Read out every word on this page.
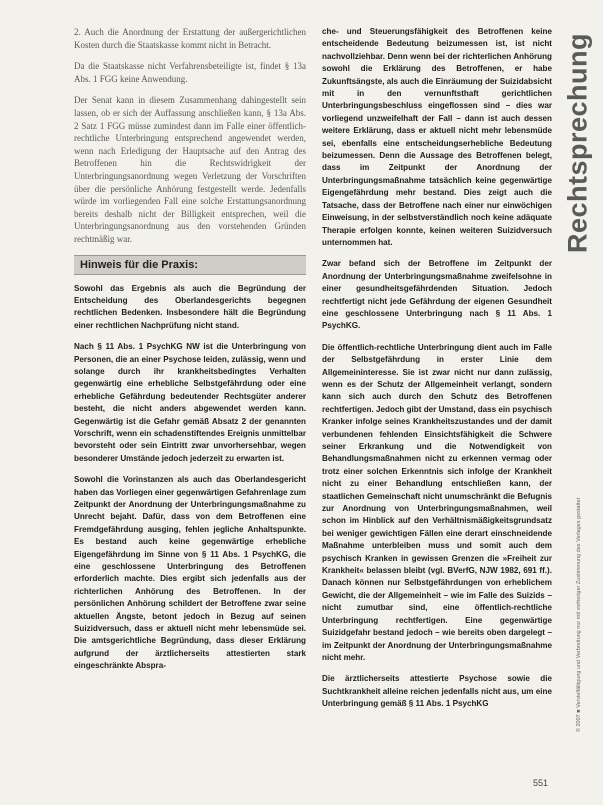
2. Auch die Anordnung der Erstattung der außergerichtlichen Kosten durch die Staatskasse kommt nicht in Betracht.

Da die Staatskasse nicht Verfahrensbeteiligte ist, findet § 13a Abs. 1 FGG keine Anwendung.

Der Senat kann in diesem Zusammenhang dahingestellt sein lassen, ob er sich der Auffassung anschließen kann, § 13a Abs. 2 Satz 1 FGG müsse zumindest dann im Falle einer öffentlich-rechtliche Unterbringung entsprechend angewendet werden, wenn nach Erledigung der Hauptsache auf den Antrag des Betroffenen hin die Rechtswidrigkeit der Unterbringungsanordnung wegen Verletzung der Vorschriften über die persönliche Anhörung festgestellt werde. Jedenfalls würde im vorliegenden Fall eine solche Erstattungsanordnung bereits deshalb nicht der Billigkeit entsprechen, weil die Unterbringungsanordnung aus den vorstehenden Gründen rechtmäßig war.

Hinweis für die Praxis:

Sowohl das Ergebnis als auch die Begründung der Entscheidung des Oberlandesgerichts begegnen rechtlichen Bedenken. Insbesondere hält die Begründung einer rechtlichen Nachprüfung nicht stand.

Nach § 11 Abs. 1 PsychKG NW ist die Unterbringung von Personen, die an einer Psychose leiden, zulässig, wenn und solange durch ihr krankheitsbedingtes Verhalten gegenwärtig eine erhebliche Selbstgefährdung oder eine erhebliche Gefährdung bedeutender Rechtsgüter anderer besteht, die nicht anders abgewendet werden kann. Gegenwärtig ist die Gefahr gemäß Absatz 2 der genannten Vorschrift, wenn ein schadenstiftendes Ereignis unmittelbar bevorsteht oder sein Eintritt zwar unvorhersehbar, wegen besonderer Umstände jedoch jederzeit zu erwarten ist.

Sowohl die Vorinstanzen als auch das Oberlandesgericht haben das Vorliegen einer gegenwärtigen Gefahrenlage zum Zeitpunkt der Anordnung der Unterbringungsmaßnahme zu Unrecht bejaht. Dafür, dass von dem Betroffenen eine Fremdgefährdung ausging, fehlen jegliche Anhaltspunkte. Es bestand auch keine gegenwärtige erhebliche Eigengefährdung im Sinne von § 11 Abs. 1 PsychKG, die eine geschlossene Unterbringung des Betroffenen erforderlich machte. Dies ergibt sich jedenfalls aus der richterlichen Anhörung des Betroffenen. In der persönlichen Anhörung schildert der Betroffene zwar seine aktuellen Ängste, betont jedoch in Bezug auf seinen Suizidversuch, dass er aktuell nicht mehr lebensmüde sei. Die amtsgerichtliche Begründung, dass dieser Erklärung aufgrund der ärztlicherseits attestierten stark eingeschränkte Abspra-

che- und Steuerungsfähigkeit des Betroffenen keine entscheidende Bedeutung beizumessen ist, ist nicht nachvollziehbar. Denn wenn bei der richterlichen Anhörung sowohl die Erklärung des Betroffenen, er habe Zukunftsängste, als auch die Einräumung der Suizidabsicht mit in den vernunftsthaft gerichtlichen Unterbringungsbeschluss eingeflossen sind – dies war vorliegend unzweifelhaft der Fall – dann ist auch dessen weitere Erklärung, dass er aktuell nicht mehr lebensmüde sei, ebenfalls eine entscheidungserhebliche Bedeutung beizumessen. Denn die Aussage des Betroffenen belegt, dass im Zeitpunkt der Anordnung der Unterbringungsmaßnahme tatsächlich keine gegenwärtige Eigengefährdung mehr bestand. Dies zeigt auch die Tatsache, dass der Betroffene nach einer nur einwöchigen Einweisung, in der selbstverständlich noch keine adäquate Therapie erfolgen konnte, keinen weiteren Suizidversuch unternommen hat.

Zwar befand sich der Betroffene im Zeitpunkt der Anordnung der Unterbringungsmaßnahme zweifelsohne in einer gesundheitsgefährdenden Situation. Jedoch rechtfertigt nicht jede Gefährdung der eigenen Gesundheit eine geschlossene Unterbringung nach § 11 Abs. 1 PsychKG.

Die öffentlich-rechtliche Unterbringung dient auch im Falle der Selbstgefährdung in erster Linie dem Allgemeininteresse. Sie ist zwar nicht nur dann zulässig, wenn es der Schutz der Allgemeinheit verlangt, sondern kann sich auch durch den Schutz des Betroffenen rechtfertigen. Jedoch gibt der Umstand, dass ein psychisch Kranker infolge seines Krankheitszustandes und der damit verbundenen fehlenden Einsichtsfähigkeit die Schwere seiner Erkrankung und die Notwendigkeit von Behandlungsmaßnahmen nicht zu erkennen vermag oder trotz einer solchen Erkenntnis sich infolge der Krankheit nicht zu einer Behandlung entschließen kann, der staatlichen Gemeinschaft nicht unumschränkt die Befugnis zur Anordnung von Unterbringungsmaßnahmen, weil schon im Hinblick auf den Verhältnismäßigkeitsgrundsatz bei weniger gewichtigen Fällen eine derart einschneidende Maßnahme unterbleiben muss und somit auch dem psychisch Kranken in gewissen Grenzen die »Freiheit zur Krankheit« belassen bleibt (vgl. BVerfG, NJW 1982, 691 ff.). Danach können nur Selbstgefährdungen von erheblichem Gewicht, die der Allgemeinheit – wie im Falle des Suizids – nicht zumutbar sind, eine öffentlich-rechtliche Unterbringung rechtfertigen. Eine gegenwärtige Suizidgefahr bestand jedoch – wie bereits oben dargelegt – im Zeitpunkt der Anordnung der Unterbringungsmaßnahme nicht mehr.

Die ärztlicherseits attestierte Psychose sowie die Suchtkrankheit alleine reichen jedenfalls nicht aus, um eine Unterbringung gemäß § 11 Abs. 1 PsychKG

Rechtsprechung
© 2007 ■ Vervielfältigung und Verbreitung nur mit vorheriger Zustimmung des Verlages gestattet
551
